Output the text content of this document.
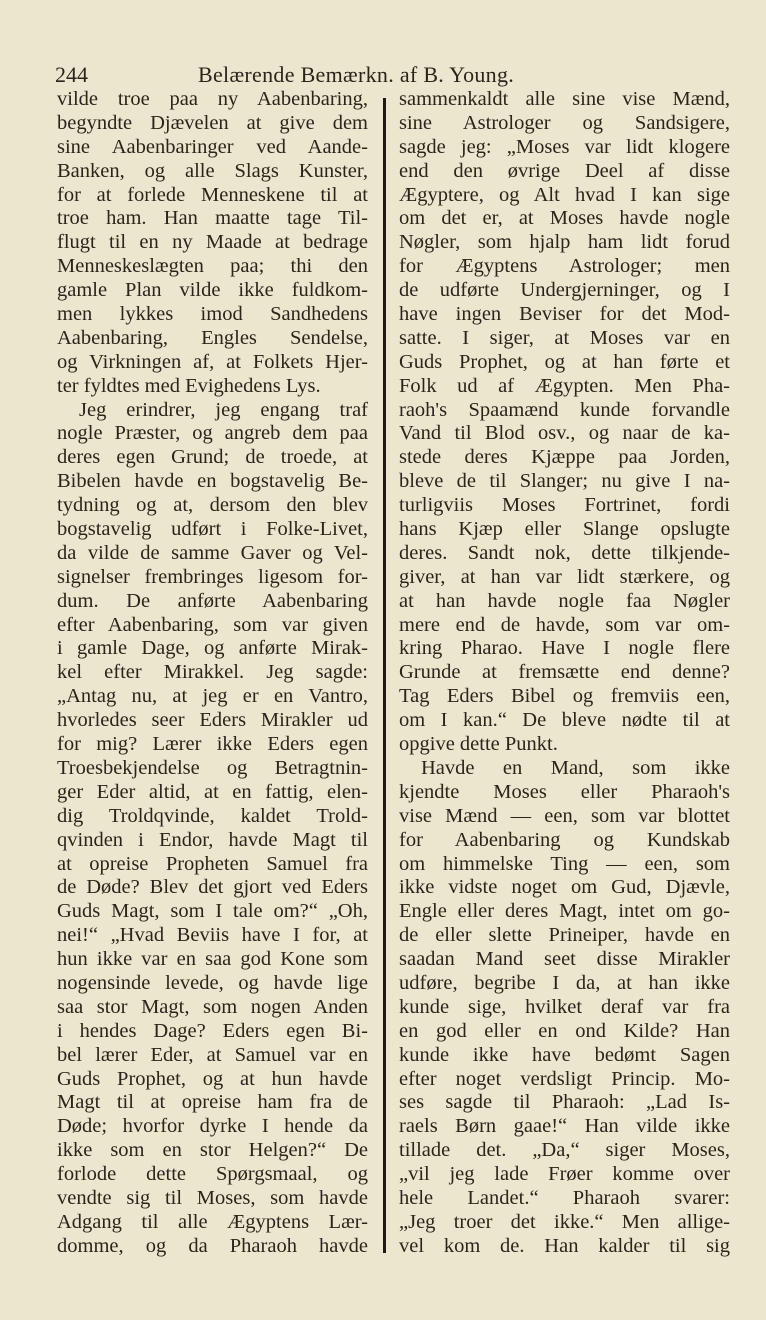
244	Belærende Bemærkn. af B. Young.
vilde troe paa ny Aabenbaring,
begyndte Djævelen at give dem
sine Aabenbaringer ved Aande-
Banken, og alle Slags Kunster,
for at forlede Menneskene til at
troe ham. Han maatte tage Til-
flugt til en ny Maade at bedrage
Menneskeslægten paa; thi den
gamle Plan vilde ikke fuldkom-
men lykkes imod Sandhedens
Aabenbaring, Engles Sendelse,
og Virkningen af, at Folkets Hjer-
ter fyldtes med Evighedens Lys.
Jeg erindrer, jeg engang traf
nogle Præster, og angreb dem paa
deres egen Grund; de troede, at
Bibelen havde en bogstavelig Be-
tydning og at, dersom den blev
bogstavelig udført i Folke-Livet,
da vilde de samme Gaver og Vel-
signelser frembringes ligesom for-
dum. De anførte Aabenbaring
efter Aabenbaring, som var given
i gamle Dage, og anførte Mirak-
kel efter Mirakkel. Jeg sagde:
„Antag nu, at jeg er en Vantro,
hvorledes seer Eders Mirakler ud
for mig? Lærer ikke Eders egen
Troesbekjendelse og Betragtnin-
ger Eder altid, at en fattig, elen-
dig Troldqvinde, kaldet Trold-
qvinden i Endor, havde Magt til
at opreise Propheten Samuel fra
de Døde? Blev det gjort ved Eders
Guds Magt, som I tale om?“ „Oh,
nei!“ „Hvad Beviis have I for, at
hun ikke var en saa god Kone som
nogensinde levede, og havde lige
saa stor Magt, som nogen Anden
i hendes Dage? Eders egen Bi-
bel lærer Eder, at Samuel var en
Guds Prophet, og at hun havde
Magt til at opreise ham fra de
Døde; hvorfor dyrke I hende da
ikke som en stor Helgen?“ De
forlode dette Spørgsmaal, og
vendte sig til Moses, som havde
Adgang til alle Ægyptens Lær-
domme, og da Pharaoh havde
sammenkaldt alle sine vise Mænd,
sine Astrologer og Sandsigere,
sagde jeg: „Moses var lidt klogere
end den øvrige Deel af disse
Ægyptere, og Alt hvad I kan sige
om det er, at Moses havde nogle
Nøgler, som hjalp ham lidt forud
for Ægyptens Astrologer; men
de udførte Undergjerninger, og I
have ingen Beviser for det Mod-
satte. I siger, at Moses var en
Guds Prophet, og at han førte et
Folk ud af Ægypten. Men Pha-
raoh's Spaamænd kunde forvandle
Vand til Blod osv., og naar de ka-
stede deres Kjæppe paa Jorden,
bleve de til Slanger; nu give I na-
turligviis Moses Fortrinet, fordi
hans Kjæp eller Slange opslugte
deres. Sandt nok, dette tilkjende-
giver, at han var lidt stærkere, og
at han havde nogle faa Nøgler
mere end de havde, som var om-
kring Pharao. Have I nogle flere
Grunde at fremsætte end denne?
Tag Eders Bibel og fremviis een,
om I kan.“ De bleve nødte til at
opgive dette Punkt.
Havde en Mand, som ikke
kjendte Moses eller Pharaoh's
vise Mænd — een, som var blottet
for Aabenbaring og Kundskab
om himmelske Ting — een, som
ikke vidste noget om Gud, Djævle,
Engle eller deres Magt, intet om go-
de eller slette Prineiper, havde en
saadan Mand seet disse Mirakler
udføre, begribe I da, at han ikke
kunde sige, hvilket deraf var fra
en god eller en ond Kilde? Han
kunde ikke have bedømt Sagen
efter noget verdsligt Princip. Mo-
ses sagde til Pharaoh: „Lad Is-
raels Børn gaae!“ Han vilde ikke
tillade det. „Da,“ siger Moses,
„vil jeg lade Frøer komme over
hele Landet.“ Pharaoh svarer:
„Jeg troer det ikke.“ Men allige-
vel kom de. Han kalder til sig
